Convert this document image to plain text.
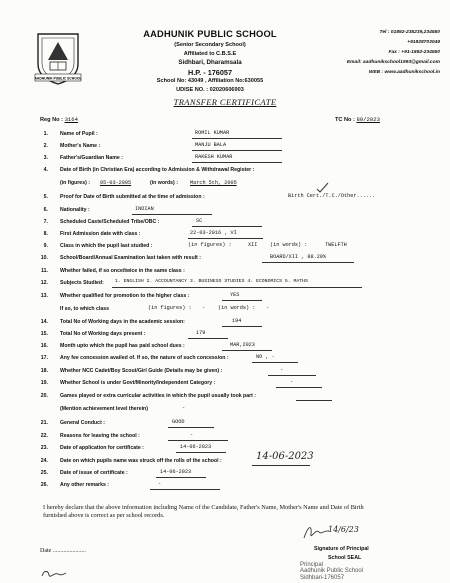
AADHUNIK PUBLIC SCHOOL
AADHUNIK PUBLIC SCHOOL
(Senior Secondary School)
Affiliated to C.B.S.E
Sidhbari, Dharamsala
H.P. - 176057
School No: 43049 , Affiliation No:630055
UDISE NO. : 02020606903
Tel : 01892-235239,234550
+91828703049
Fax : +91-1892-234550
Email: aadhunikschool1993@gmail.com
WEB : www.aadhunikschool.in
TRANSFER CERTIFICATE
Reg No : 3164	TC No : 89/2023
1. Name of Pupil :	ROMIL KUMAR
2. Mother's Name :	MANJU BALA
3. Father's/Guardian Name :	RAKESH KUMAR
4. Date of Birth (in Christian Era) according to Admission & Withdrawal Register :
(in figures) : 05-03-2005	(in words) : March 5th, 2005
5. Proof for Date of Birth submitted at the time of admission :	Birth Cert./T.C./Other......
6. Nationality :	INDIAN
7. Scheduled Caste/Scheduled Tribe/OBC :	SC
8. First Admission date with class :	22-03-2016 , VI
9. Class in which the pupil last studied :	(in figures) :	XII (in words) :	TWELFTH
10. School/Board/Annual Examination last taken with result :	BOARD/XII , 88.20%
11. Whether failed, if so once/twice in the same class :
12. Subjects Studied: 1. ENGLISH 2. ACCOUNTANCY 3. BUSINESS STUDIES 4. ECONOMICS 5. MATHS
13. Whether qualified for promotion to the higher class :	YES
If so, to which class	(in figures) : - (in words) : -
14. Total No of Working days in the academic session:	194
15. Total No of Working days present :	179
16. Month upto which the pupil has paid school dues :	MAR,2023
17. Any fee concession availed of. If so, the nature of such concession :	NO , -
18. Whether NCC Cadet/Boy Scout/Girl Guide (Details may be given) :	-
19. Whether School is under Govt/Minority/Independent Category :	-
20. Games played or extra curricular activities in which the pupil usually took part :
(Mention achievement level therein)	-
21. General Conduct :	GOOD
22. Reasons for leaving the school :	-
23. Date of application for certificate :	14-06-2023
24. Date on which pupils name was struck off the rolls of the school :	14-06-2023
25. Date of issue of certificate :	14-06-2023
26. Any other remarks :	-
I hereby declare that the above information including Name of the Candidate, Father's Name, Mother's Name and Date of Birth furnished above is correct as per school records.
14/6/23
Signature of Principal
School SEAL
Principal
Aadhunik Public School
Sidhbari-176057
Date ......................
